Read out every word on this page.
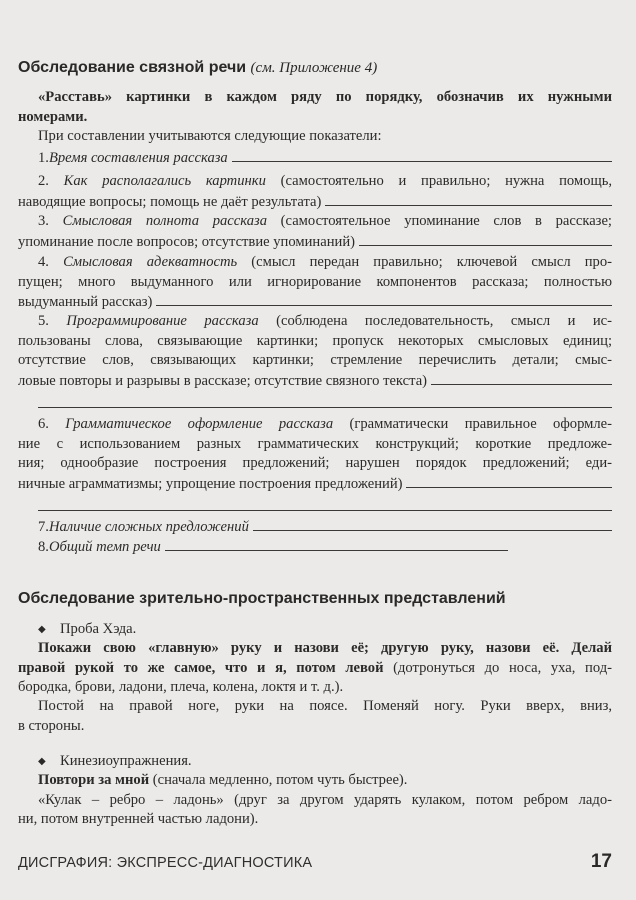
Обследование связной речи (см. Приложение 4)
«Расставь» картинки в каждом ряду по порядку, обозначив их нужными
номерами.
При составлении учитываются следующие показатели:
1. Время составления рассказа
2. Как располагались картинки (самостоятельно и правильно; нужна помощь,
наводящие вопросы; помощь не даёт результата)
3. Смысловая полнота рассказа (самостоятельное упоминание слов в рассказе;
упоминание после вопросов; отсутствие упоминаний)
4. Смысловая адекватность (смысл передан правильно; ключевой смысл про-
пущен; много выдуманного или игнорирование компонентов рассказа; полностью
выдуманный рассказ)
5. Программирование рассказа (соблюдена последовательность, смысл и ис-
пользованы слова, связывающие картинки; пропуск некоторых смысловых единиц;
отсутствие слов, связывающих картинки; стремление перечислить детали; смыс-
ловые повторы и разрывы в рассказе; отсутствие связного текста)
6. Грамматическое оформление рассказа (грамматически правильное оформле-
ние с использованием разных грамматических конструкций; короткие предложе-
ния; однообразие построения предложений; нарушен порядок предложений; еди-
ничные аграмматизмы; упрощение построения предложений)
7. Наличие сложных предложений
8. Общий темп речи
Обследование зрительно-пространственных представлений
◆ Проба Хэда.
Покажи свою «главную» руку и назови её; другую руку, назови её. Делай
правой рукой то же самое, что и я, потом левой (дотронуться до носа, уха, под-
бородка, брови, ладони, плеча, колена, локтя и т. д.).
Постой на правой ноге, руки на поясе. Поменяй ногу. Руки вверх, вниз,
в стороны.
◆ Кинезиоупражнения.
Повтори за мной (сначала медленно, потом чуть быстрее).
«Кулак – ребро – ладонь» (друг за другом ударять кулаком, потом ребром ладо-
ни, потом внутренней частью ладони).
ДИСГРАФИЯ: ЭКСПРЕСС-ДИАГНОСТИКА	17
